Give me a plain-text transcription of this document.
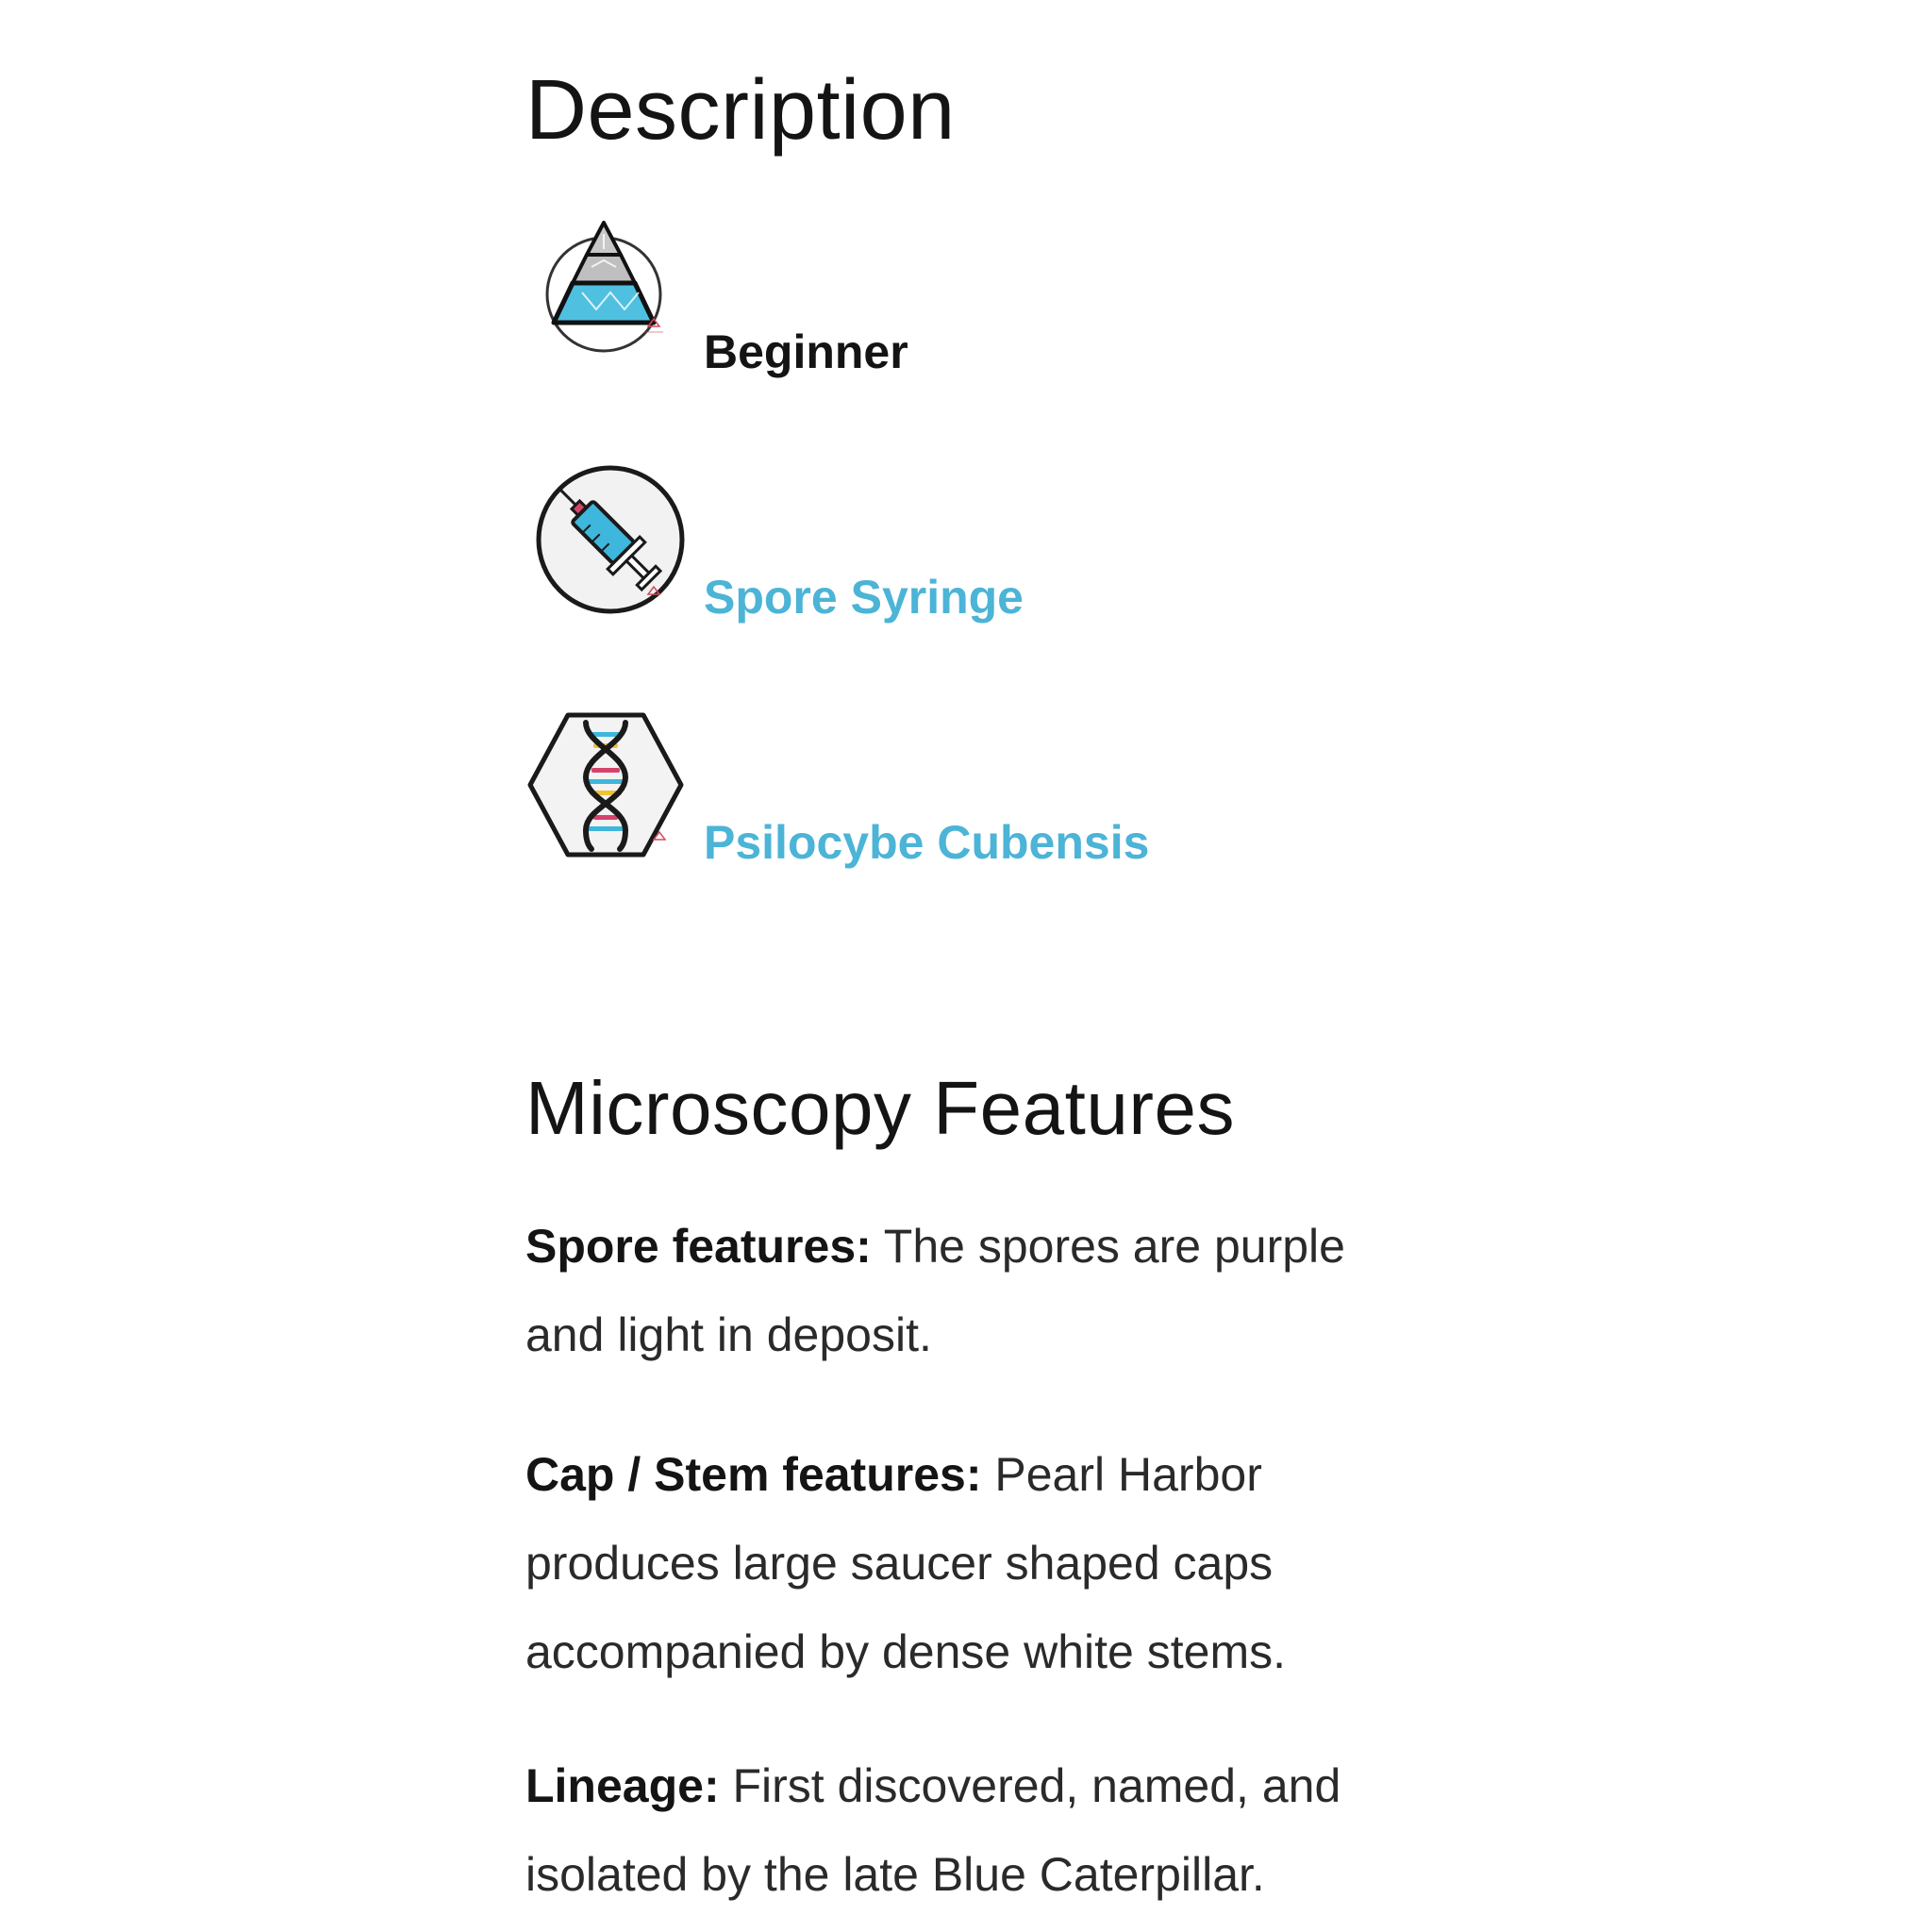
Description
Beginner
Spore Syringe
Psilocybe Cubensis
Microscopy Features

Spore features: The spores are purple and light in deposit.

Cap / Stem features: Pearl Harbor produces large saucer shaped caps accompanied by dense white stems.

Lineage: First discovered, named, and isolated by the late Blue Caterpillar.
